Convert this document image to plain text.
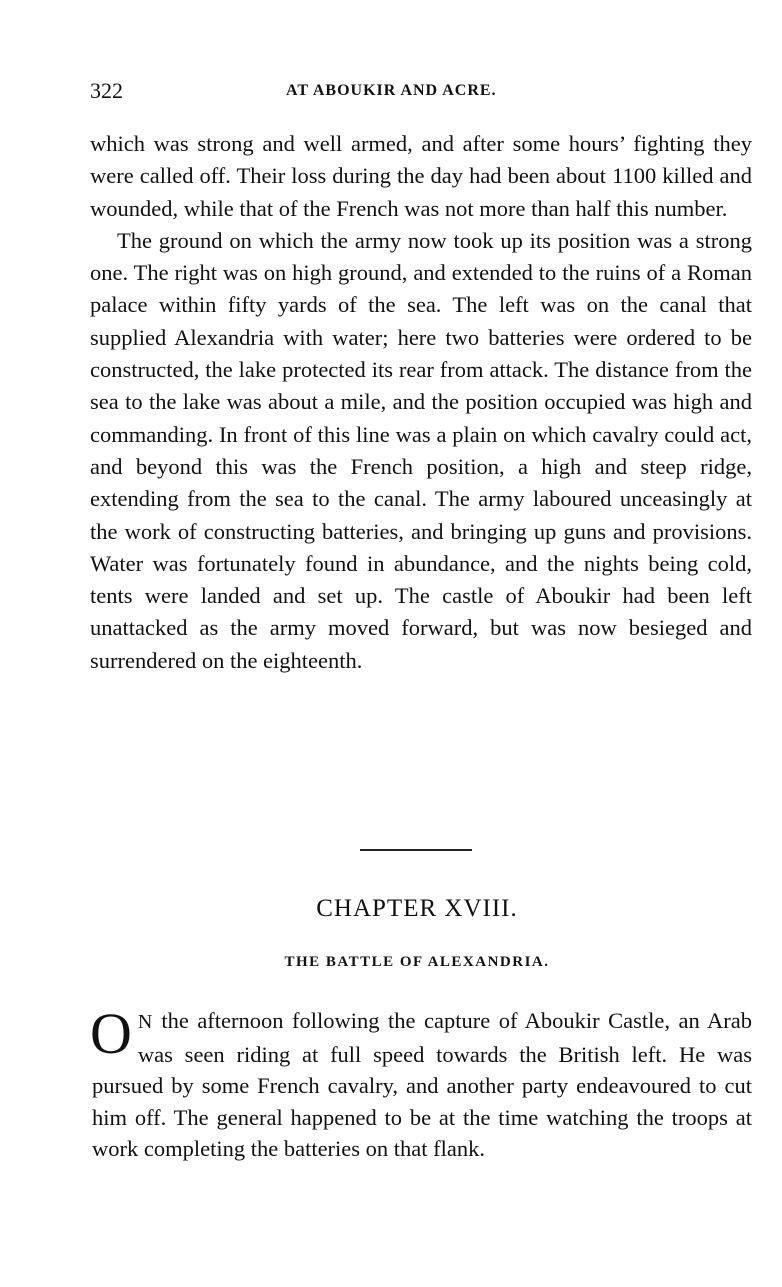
322	AT ABOUKIR AND ACRE.

which was strong and well armed, and after some hours’ fighting they were called off. Their loss during the day had been about 1100 killed and wounded, while that of the French was not more than half this number.

The ground on which the army now took up its position was a strong one. The right was on high ground, and extended to the ruins of a Roman palace within fifty yards of the sea. The left was on the canal that supplied Alexandria with water; here two batteries were ordered to be constructed, the lake protected its rear from attack. The distance from the sea to the lake was about a mile, and the position occupied was high and commanding. In front of this line was a plain on which cavalry could act, and beyond this was the French position, a high and steep ridge, extending from the sea to the canal. The army laboured unceasingly at the work of constructing batteries, and bringing up guns and provisions. Water was fortunately found in abundance, and the nights being cold, tents were landed and set up. The castle of Aboukir had been left unattacked as the army moved forward, but was now besieged and surrendered on the eighteenth.

CHAPTER XVIII.
THE BATTLE OF ALEXANDRIA.
O N the afternoon following the capture of Aboukir Castle, an Arab was seen riding at full speed towards the British left. He was pursued by some French cavalry, and another party endeavoured to cut him off. The general happened to be at the time watching the troops at work completing the batteries on that flank.
